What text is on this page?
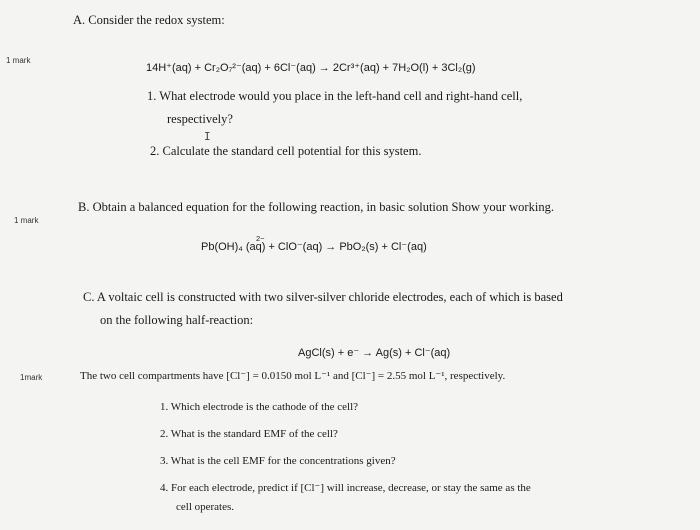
A. Consider the redox system:
1 mark
14H⁺(aq) + Cr₂O₇²⁻(aq) + 6Cl⁻(aq) → 2Cr³⁺(aq) + 7H₂O(l) + 3Cl₂(g)
1. What electrode would you place in the left-hand cell and right-hand cell,
respectively?
I
2. Calculate the standard cell potential for this system.
B. Obtain a balanced equation for the following reaction, in basic solution Show your working.
1 mark
2−
Pb(OH)₄ (aq) + ClO⁻(aq) → PbO₂(s) + Cl⁻(aq)
C. A voltaic cell is constructed with two silver-silver chloride electrodes, each of which is based
on the following half-reaction:
AgCl(s) + e⁻ → Ag(s) + Cl⁻(aq)
1mark	The two cell compartments have [Cl⁻] = 0.0150 mol L⁻¹ and [Cl⁻] = 2.55 mol L⁻¹, respectively.
1. Which electrode is the cathode of the cell?
2. What is the standard EMF of the cell?
3. What is the cell EMF for the concentrations given?
4. For each electrode, predict if [Cl⁻] will increase, decrease, or stay the same as the
cell operates.
